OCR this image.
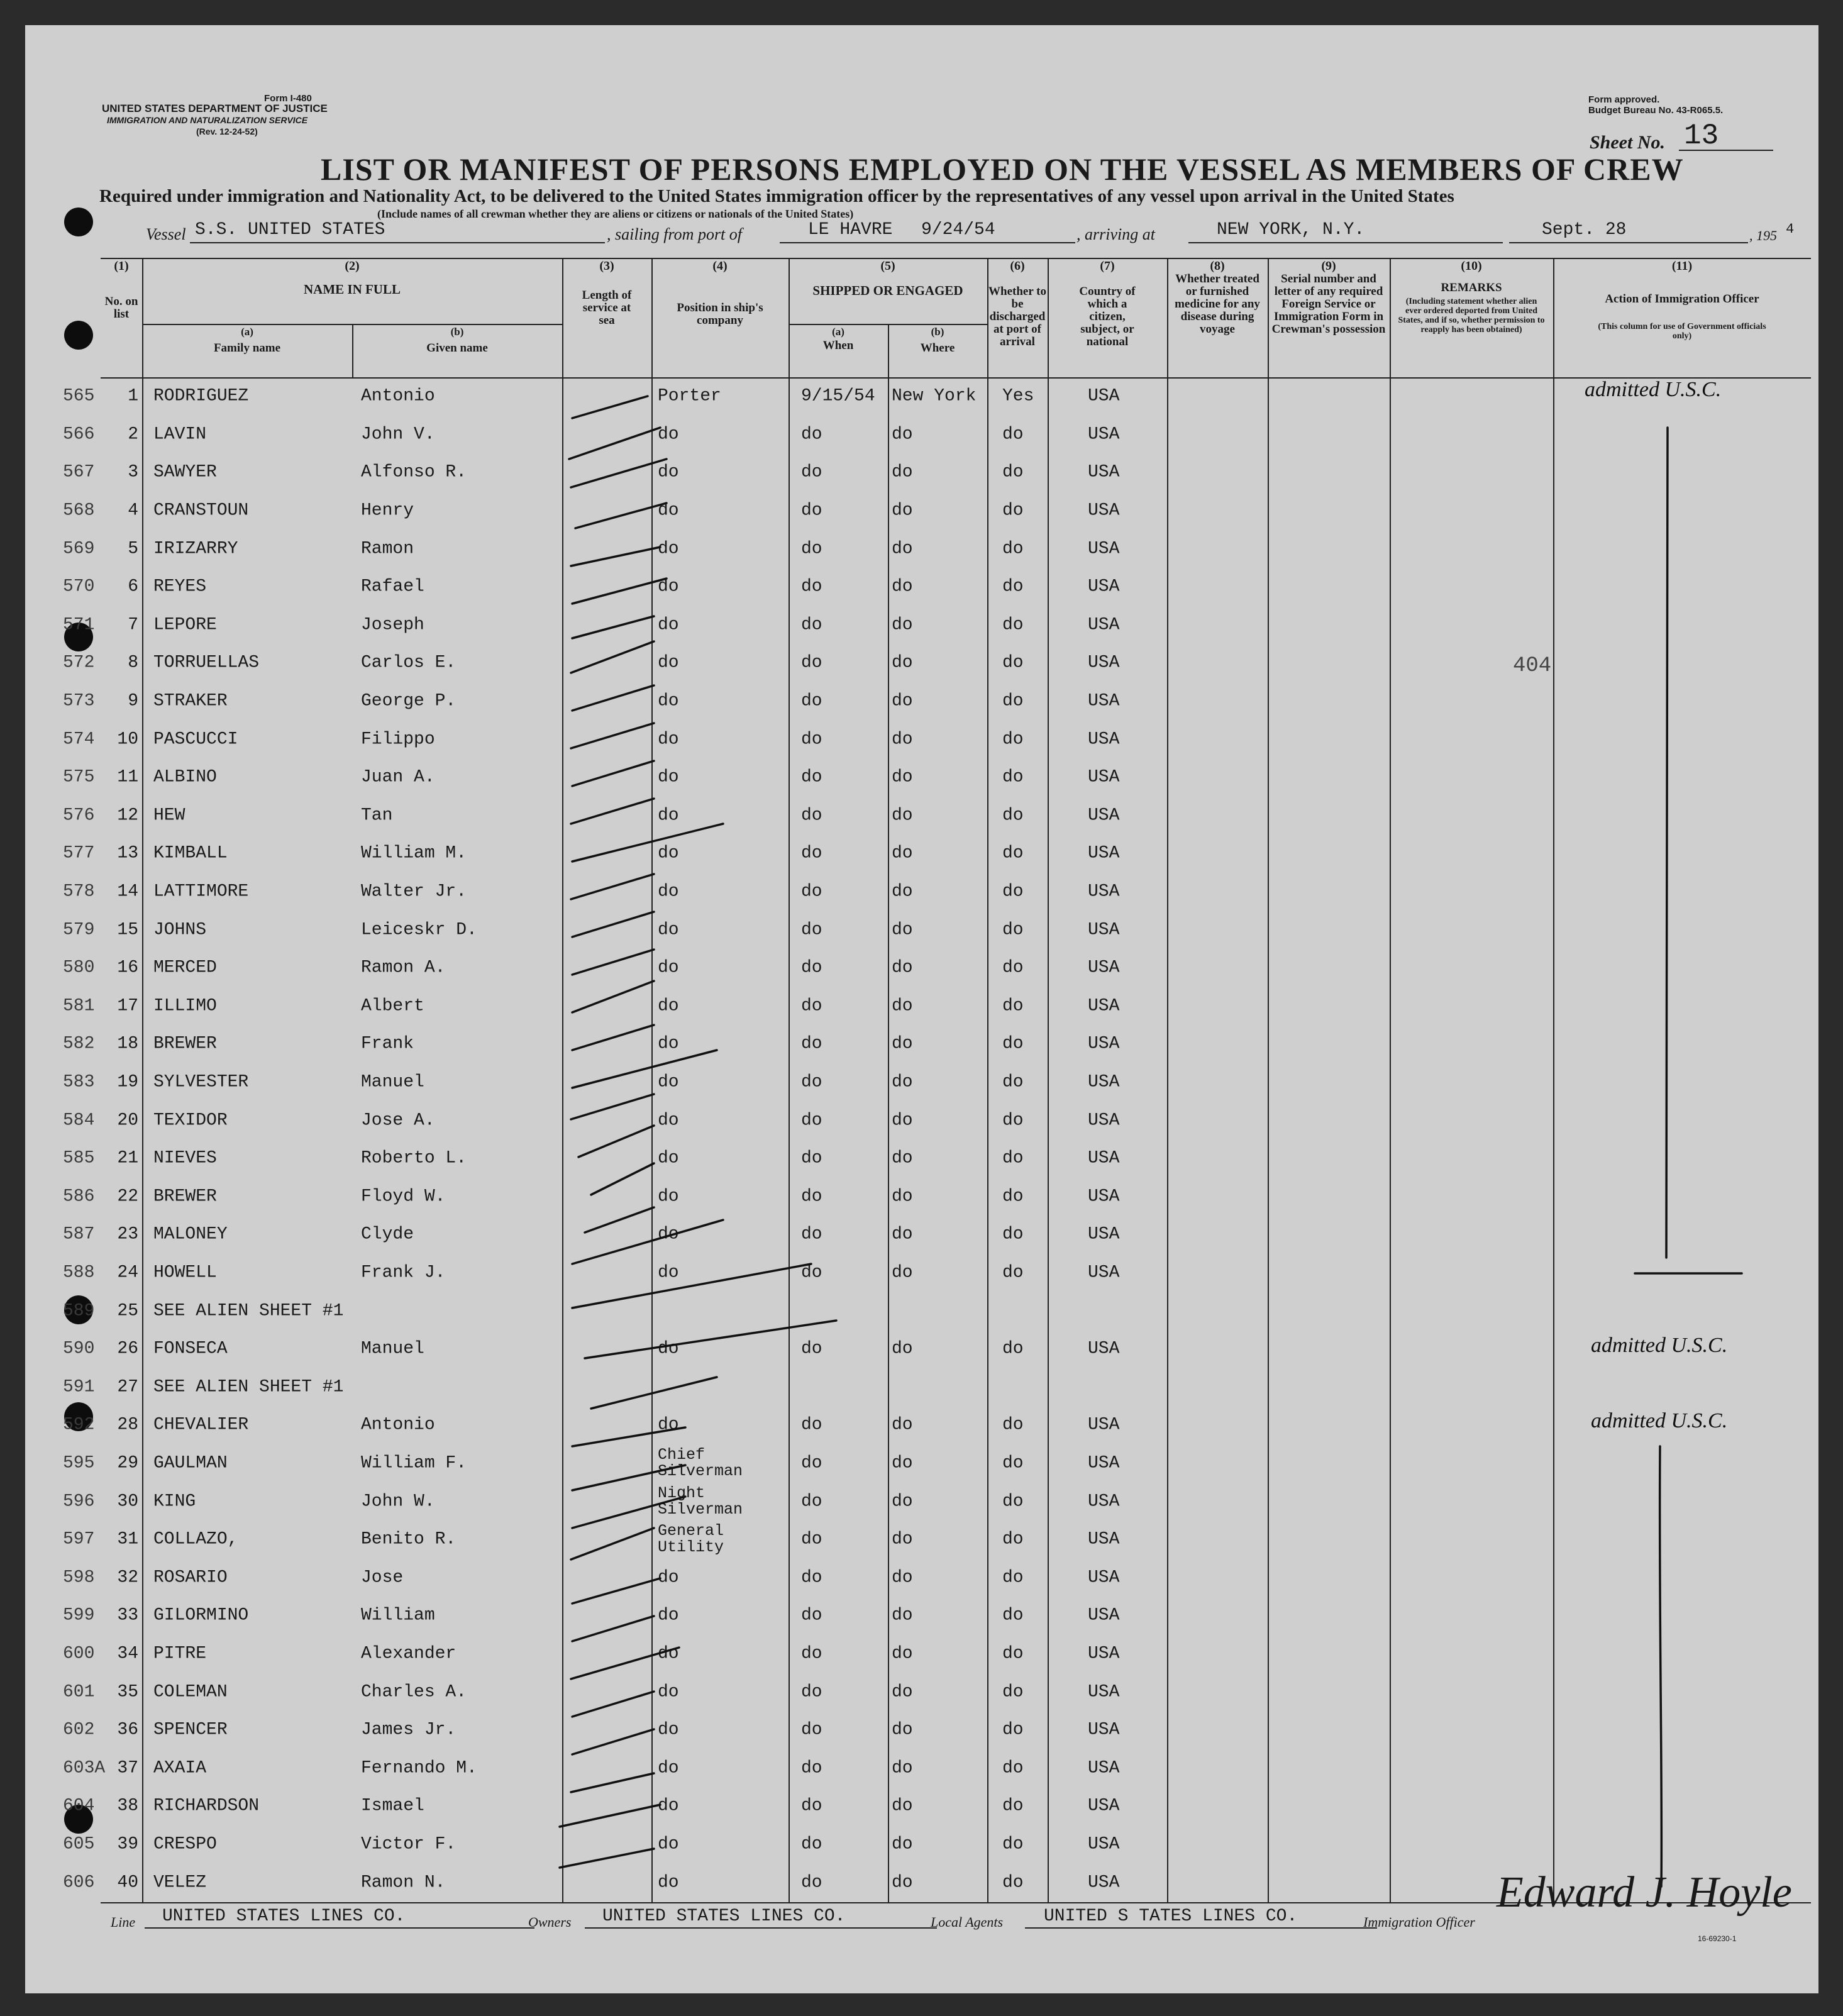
Form I-480
UNITED STATES DEPARTMENT OF JUSTICE
IMMIGRATION AND NATURALIZATION SERVICE
(Rev. 12-24-52)
Form approved.
Budget Bureau No. 43-R065.5.
Sheet No. 13
LIST OR MANIFEST OF PERSONS EMPLOYED ON THE VESSEL AS MEMBERS OF CREW
Required under immigration and Nationality Act, to be delivered to the United States immigration officer by the representatives of any vessel upon arrival in the United States
(Include names of all crewman whether they are aliens or citizens or nationals of the United States)
Vessel S.S. UNITED STATES	, sailing from port of	LE HAVRE 9/24/54	, arriving at	NEW YORK, N.Y.	Sept. 28	, 195 4
(1)
No. on list
(2)
NAME IN FULL
(a)
Family name
(b)
Given name
(3)
Length of service at sea
(4)
Position in ship's company
(5)
SHIPPED OR ENGAGED
(a)
When
(b)
Where
(6)
Whether to be discharged at port of arrival
(7)
Country of which a citizen, subject, or national
(8)
Whether treated or furnished medicine for any disease during voyage
(9)
Serial number and letter of any required Foreign Service or Immigration Form in Crewman's possession
(10)
REMARKS
(Including statement whether alien ever ordered deported from United States, and if so, whether permission to reapply has been obtained)
(11)
Action of Immigration Officer
(This column for use of Government officials only)
565	1 RODRIGUEZ	Antonio	Porter	9/15/54 New York Yes	USA
566	2 LAVIN	John V.	do	do	do	do	USA
567	3 SAWYER	Alfonso R.	do	do	do	do	USA
568	4 CRANSTOUN	Henry	do	do	do	do	USA
569	5 IRIZARRY	Ramon	do	do	do	do	USA
570	6 REYES	Rafael	do	do	do	do	USA
571	7 LEPORE	Joseph	do	do	do	do	USA
572	8 TORRUELLAS	Carlos E.	do	do	do	do	USA
573	9 STRAKER	George P.	do	do	do	do	USA
574	10 PASCUCCI	Filippo	do	do	do	do	USA
575	11 ALBINO	Juan A.	do	do	do	do	USA
576	12 HEW	Tan	do	do	do	do	USA
577	13 KIMBALL	William M.	do	do	do	do	USA
578	14 LATTIMORE	Walter Jr.	do	do	do	do	USA
579	15 JOHNS	Leiceskr D.	do	do	do	do	USA
580	16 MERCED	Ramon A.	do	do	do	do	USA
581	17 ILLIMO	Albert	do	do	do	do	USA
582	18 BREWER	Frank	do	do	do	do	USA
583	19 SYLVESTER	Manuel	do	do	do	do	USA
584	20 TEXIDOR	Jose A.	do	do	do	do	USA
585	21 NIEVES	Roberto L.	do	do	do	do	USA
586	22 BREWER	Floyd W.	do	do	do	do	USA
587	23 MALONEY	Clyde	do	do	do	do	USA
588	24 HOWELL	Frank J.	do	do	do	do	USA
589	25 SEE ALIEN SHEET #1
590	26 FONSECA	Manuel	do	do	do	do	USA
591	27 SEE ALIEN SHEET #1
592	28 CHEVALIER	Antonio	do	do	do	do	USA
595	29 GAULMAN	William F.	Chief Silverman	do	do	do	USA
596	30 KING	John W.	Night Silverman	do	do	do	USA
597	31 COLLAZO,	Benito R.	General Utility	do	do	do	USA
598	32 ROSARIO	Jose	do	do	do	do	USA
599	33 GILORMINO	William	do	do	do	do	USA
600	34 PITRE	Alexander	do	do	do	do	USA
601	35 COLEMAN	Charles A.	do	do	do	do	USA
602	36 SPENCER	James Jr.	do	do	do	do	USA
603A 37 AXAIA	Fernando M.	do	do	do	do	USA
604	38 RICHARDSON	Ismael	do	do	do	do	USA
605	39 CRESPO	Victor F.	do	do	do	do	USA
606	40 VELEZ	Ramon N.	do	do	do	do	USA
404
admitted U.S.C.
admitted U.S.C.
admitted U.S.C.
Line UNITED STATES LINES CO.	Owners UNITED STATES LINES CO.	Local Agents UNITED S TATES LINES CO.	Immigration Officer
Edward J. Hoyle
16-69230-1
